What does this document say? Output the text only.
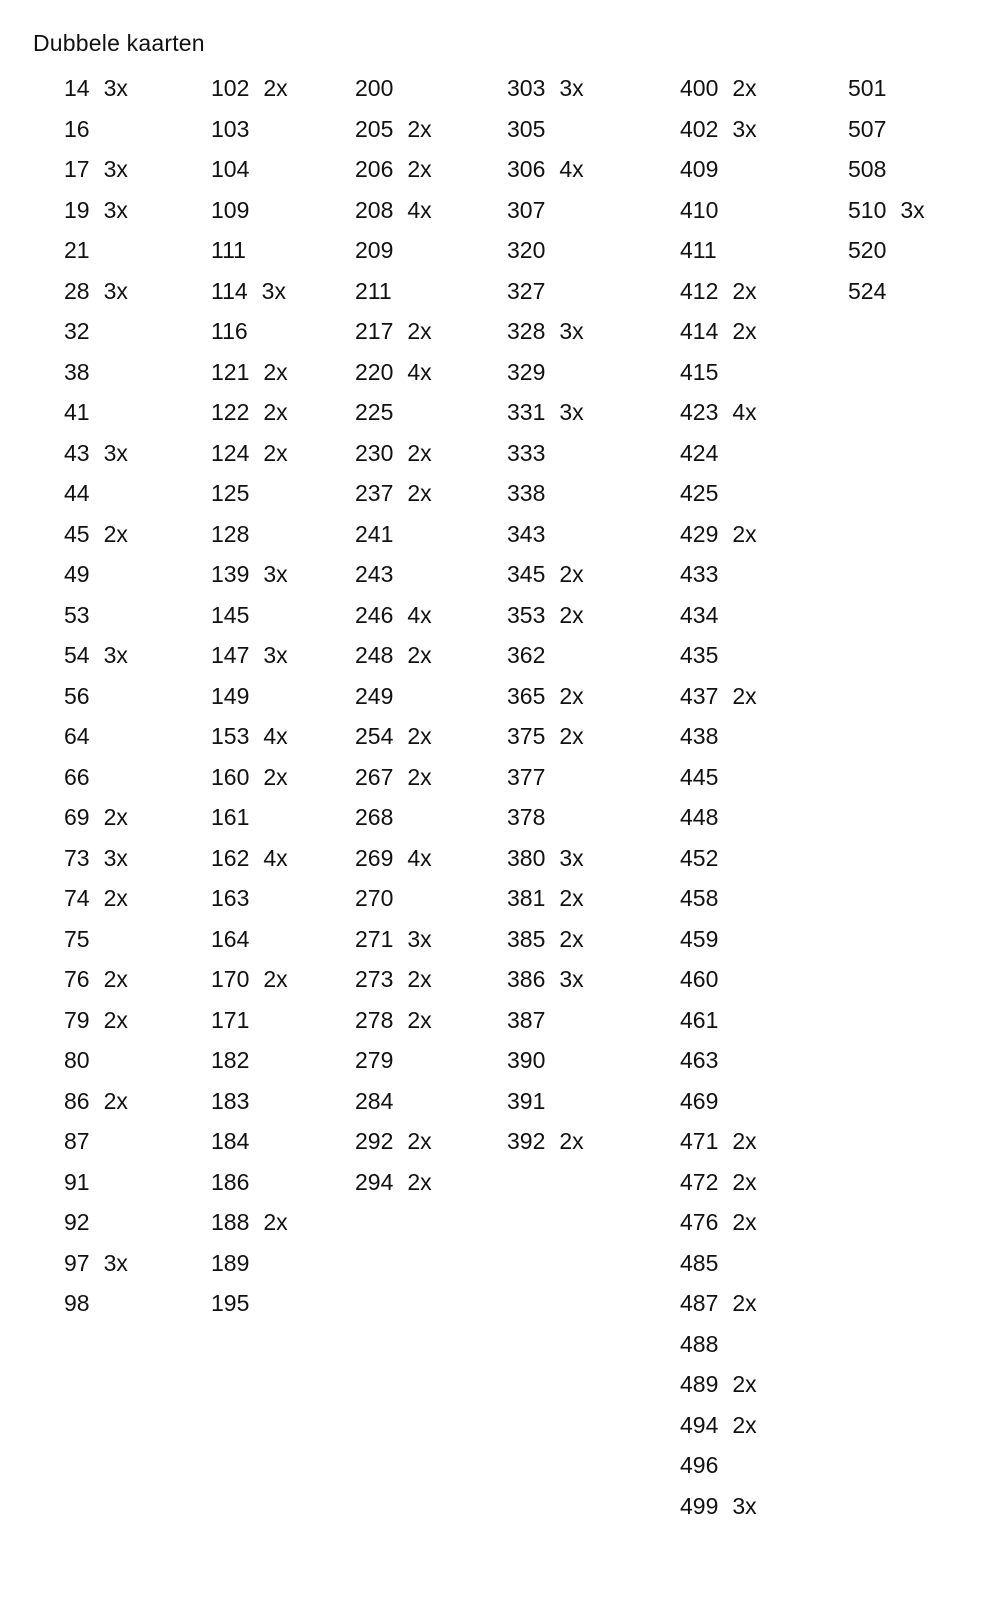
Dubbele kaarten
14 3x
16
17 3x
19 3x
21
28 3x
32
38
41
43 3x
44
45 2x
49
53
54 3x
56
64
66
69 2x
73 3x
74 2x
75
76 2x
79 2x
80
86 2x
87
91
92
97 3x
98
102 2x
103
104
109
111
114 3x
116
121 2x
122 2x
124 2x
125
128
139 3x
145
147 3x
149
153 4x
160 2x
161
162 4x
163
164
170 2x
171
182
183
184
186
188 2x
189
195
200
205 2x
206 2x
208 4x
209
211
217 2x
220 4x
225
230 2x
237 2x
241
243
246 4x
248 2x
249
254 2x
267 2x
268
269 4x
270
271 3x
273 2x
278 2x
279
284
292 2x
294 2x
303 3x
305
306 4x
307
320
327
328 3x
329
331 3x
333
338
343
345 2x
353 2x
362
365 2x
375 2x
377
378
380 3x
381 2x
385 2x
386 3x
387
390
391
392 2x
400 2x
402 3x
409
410
411
412 2x
414 2x
415
423 4x
424
425
429 2x
433
434
435
437 2x
438
445
448
452
458
459
460
461
463
469
471 2x
472 2x
476 2x
485
487 2x
488
489 2x
494 2x
496
499 3x
501
507
508
510 3x
520
524
